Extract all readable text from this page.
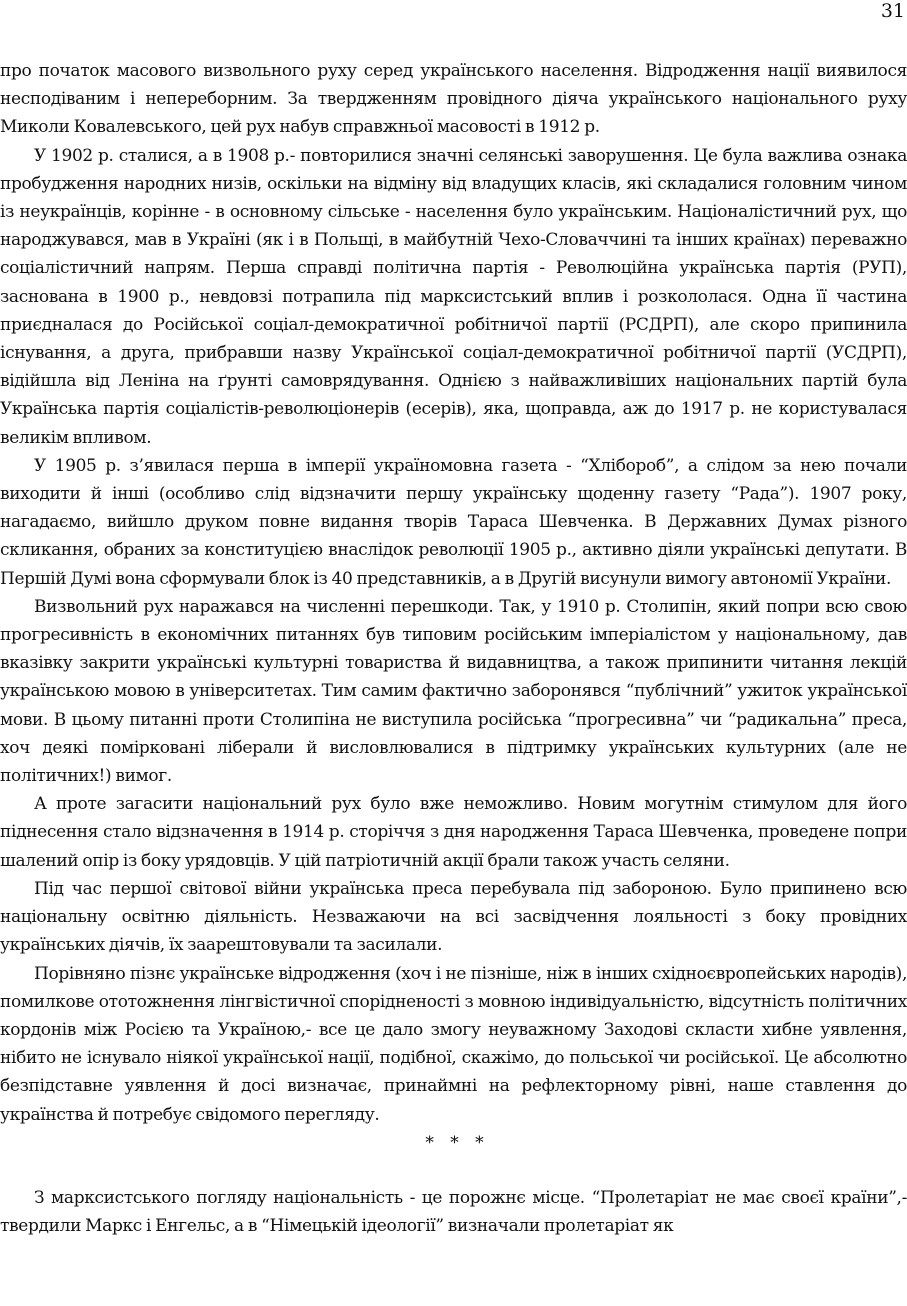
31

про початок масового визвольного руху серед українського населення. Відродження нації виявилося несподіваним і непереборним. За твердженням провідного діяча українського національного руху Миколи Ковалевського, цей рух набув справжньої масовості в 1912 р.

У 1902 р. сталися, а в 1908 р.- повторилися значні селянські заворушення. Це була важлива ознака пробудження народних низів, оскільки на відміну від владущих класів, які складалися головним чином із неукраїнців, корінне - в основному сільське - населення було українським. Націоналістичний рух, що народжувався, мав в Україні (як і в Польщі, в майбутній Чехо-Словаччині та інших країнах) переважно соціалістичний напрям. Перша справді політична партія - Революційна українська партія (РУП), заснована в 1900 р., невдовзі потрапила під марксистський вплив і розкололася. Одна її частина приєдналася до Російської соціал-демократичної робітничої партії (РСДРП), але скоро припинила існування, а друга, прибравши назву Української соціал-демократичної робітничої партії (УСДРП), відійшла від Леніна на ґрунті самоврядування. Однією з найважливіших національних партій була Українська партія соціалістів-революціонерів (есерів), яка, щоправда, аж до 1917 р. не користувалася великім впливом.

У 1905 р. з’явилася перша в імперії україномовна газета - “Хлібороб”, а слідом за нею почали виходити й інші (особливо слід відзначити першу українську щоденну газету “Рада”). 1907 року, нагадаємо, вийшло друком повне видання творів Тараса Шевченка. В Державних Думах різного скликання, обраних за конституцією внаслідок революції 1905 р., активно діяли українські депутати. В Першій Думі вона сформували блок із 40 представників, а в Другій висунули вимогу автономії України.

Визвольний рух наражався на численні перешкоди. Так, у 1910 р. Столипін, який попри всю свою прогресивність в економічних питаннях був типовим російським імперіалістом у національному, дав вказівку закрити українські культурні товариства й видавництва, а також припинити читання лекцій українською мовою в університетах. Тим самим фактично заборонявся “публічний” ужиток української мови. В цьому питанні проти Столипіна не виступила російська “прогресивна” чи “радикальна” преса, хоч деякі поміркованi ліберали й висловлювалися в підтримку українських культурних (але не політичних!) вимог.

А проте загасити національний рух було вже неможливо. Новим могутнім стимулом для його піднесення стало відзначення в 1914 р. сторіччя з дня народження Тараса Шевченка, проведене попри шалений опір із боку урядовців. У цій патріотичній акції брали також участь селяни.

Під час першої світової війни українська преса перебувала під забороною. Було припинено всю національну освітню діяльність. Незважаючи на всі засвідчення лояльності з боку провідних українських діячів, їх заарештовували та засилали.

Порівняно пізнє українське відродження (хоч і не пізніше, ніж в інших східноєвропейських народів), помилкове ототожнення лінгвістичної спорідненості з мовною індивідуальністю, відсутність політичних кордонів між Росією та Україною,- все це дало змогу неуважному Заходові скласти хибне уявлення, нібито не існувало ніякої української нації, подібної, скажімо, до польської чи російської. Це абсолютно безпідставне уявлення й досі визначає, принаймні на рефлекторному рівні, наше ставлення до українства й потребує свідомого перегляду.

* * *

З марксистського погляду національність - це порожнє місце. “Пролетаріат не має своєї країни”,- твердили Маркс і Енгельс, а в “Німецькій ідеології” визначали пролетаріат як
